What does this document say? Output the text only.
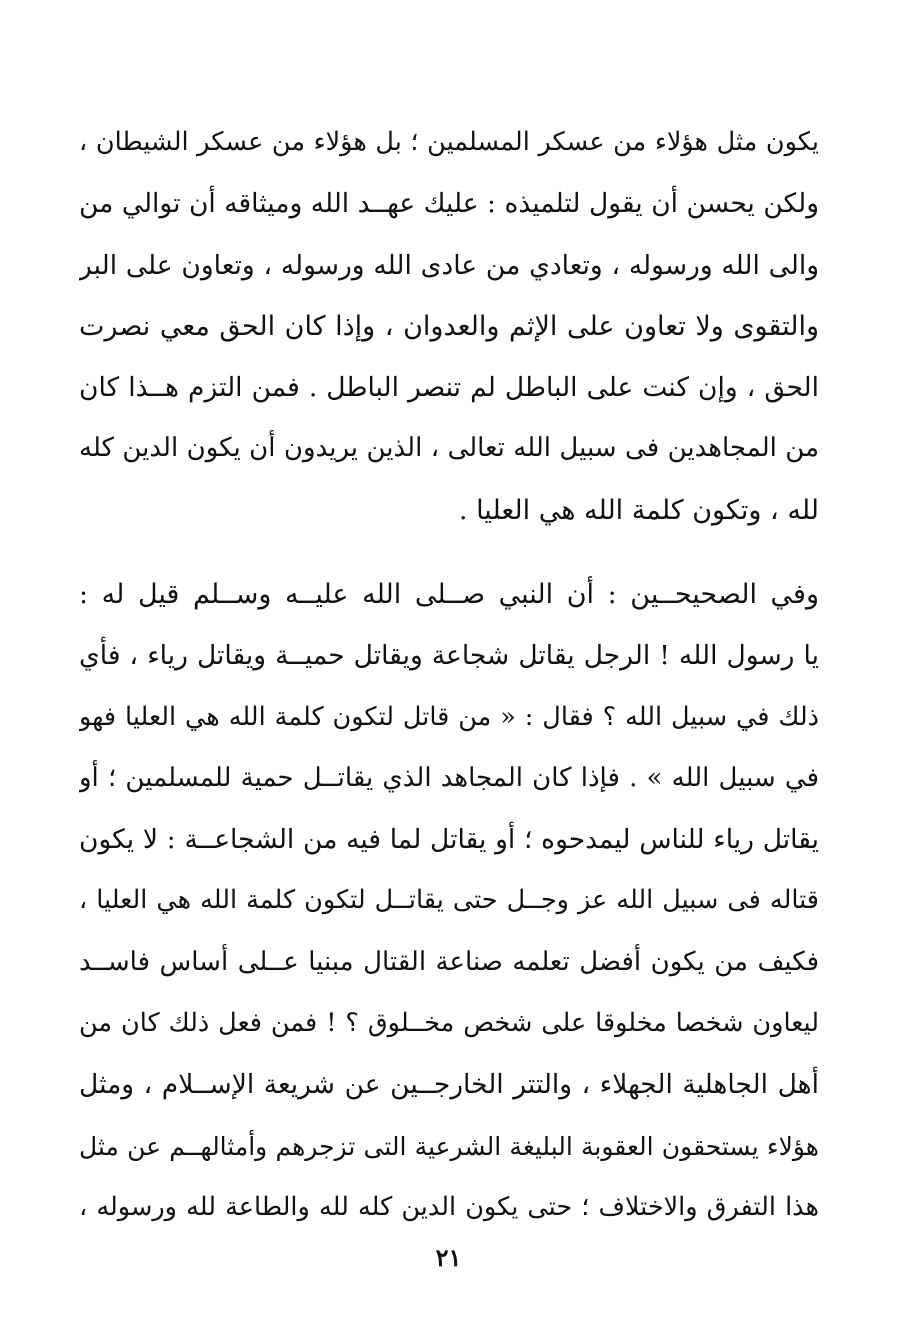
يكون مثل هؤلاء من عسكر المسلمين ؛ بل هؤلاء من عسكر الشيطان ،
ولكن يحسن أن يقول لتلميذه : عليك عهــد الله وميثاقه أن توالي من
والى الله ورسوله ، وتعادي من عادى الله ورسوله ، وتعاون على البر
والتقوى ولا تعاون على الإثم والعدوان ، وإذا كان الحق معي نصرت
الحق ، وإن كنت على الباطل لم تنصر الباطل . فمن التزم هــذا كان
من المجاهدين فى سبيل الله تعالى ، الذين يريدون أن يكون الدين كله
لله ، وتكون كلمة الله هي العليا .
وفي الصحيحــين : أن النبي صــلى الله عليــه وســلم قيل له :
يا رسول الله ! الرجل يقاتل شجاعة ويقاتل حميــة ويقاتل رياء ، فأي
ذلك في سبيل الله ؟ فقال : « من قاتل لتكون كلمة الله هي العليا فهو
في سبيل الله » . فإذا كان المجاهد الذي يقاتــل حمية للمسلمين ؛ أو
يقاتل رياء للناس ليمدحوه ؛ أو يقاتل لما فيه من الشجاعــة : لا يكون
قتاله فى سبيل الله عز وجــل حتى يقاتــل لتكون كلمة الله هي العليا ،
فكيف من يكون أفضل تعلمه صناعة القتال مبنيا عــلى أساس فاســد
ليعاون شخصا مخلوقا على شخص مخــلوق ؟ ! فمن فعل ذلك كان من
أهل الجاهلية الجهلاء ، والتتر الخارجــين عن شريعة الإســلام ، ومثل
هؤلاء يستحقون العقوبة البليغة الشرعية التى تزجرهم وأمثالهــم عن مثل
هذا التفرق والاختلاف ؛ حتى يكون الدين كله لله والطاعة لله ورسوله ،
٢١
